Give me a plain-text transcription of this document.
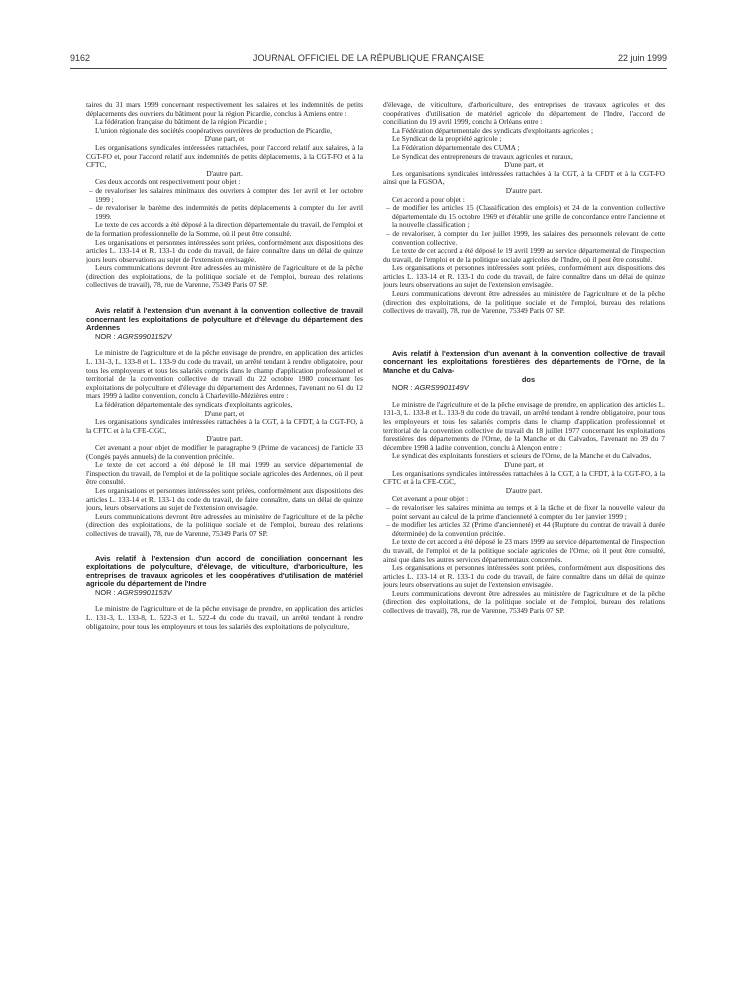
9162	JOURNAL OFFICIEL DE LA RÉPUBLIQUE FRANÇAISE	22 juin 1999

taires du 31 mars 1999 concernant respectivement les salaires et les indemnités de petits déplacements des ouvriers du bâtiment pour la région Picardie, conclus à Amiens entre :

La fédération française du bâtiment de la région Picardie ;

L'union régionale des sociétés coopératives ouvrières de production de Picardie,

D'une part, et

Les organisations syndicales intéressées rattachées, pour l'accord relatif aux salaires, à la CGT-FO et, pour l'accord relatif aux indemnités de petits déplacements, à la CGT-FO et à la CFTC,

D'autre part.

Ces deux accords ont respectivement pour objet :

– de revaloriser les salaires minimaux des ouvriers à compter des 1er avril et 1er octobre 1999 ;

– de revaloriser le barème des indemnités de petits déplacements à compter du 1er avril 1999.

Le texte de ces accords a été déposé à la direction départementale du travail, de l'emploi et de la formation professionnelle de la Somme, où il peut être consulté.

Les organisations et personnes intéressées sont priées, conformément aux dispositions des articles L. 133-14 et R. 133-1 du code du travail, de faire connaître dans un délai de quinze jours leurs observations au sujet de l'extension envisagée.

Leurs communications devront être adressées au ministère de l'agriculture et de la pêche (direction des exploitations, de la politique sociale et de l'emploi, bureau des relations collectives de travail), 78, rue de Varenne, 75349 Paris 07 SP.

Avis relatif à l'extension d'un avenant à la convention collective de travail concernant les exploitations de polyculture et d'élevage du département des Ardennes

NOR : AGRS9901152V

Le ministre de l'agriculture et de la pêche envisage de prendre, en application des articles L. 131-3, L. 133-8 et L. 133-9 du code du travail, un arrêté tendant à rendre obligatoire, pour tous les employeurs et tous les salariés compris dans le champ d'application professionnel et territorial de la convention collective de travail du 22 octobre 1980 concernant les exploitations de polyculture et d'élevage du département des Ardennes, l'avenant no 61 du 12 mars 1999 à ladite convention, conclu à Charleville-Mézières entre :

La fédération départementale des syndicats d'exploitants agricoles,

D'une part, et

Les organisations syndicales intéressées rattachées à la CGT, à la CFDT, à la CGT-FO, à la CFTC et à la CFE-CGC,

D'autre part.

Cet avenant a pour objet de modifier le paragraphe 9 (Prime de vacances) de l'article 33 (Congés payés annuels) de la convention précitée.

Le texte de cet accord a été déposé le 18 mai 1999 au service départemental de l'inspection du travail, de l'emploi et de la politique sociale agricoles des Ardennes, où il peut être consulté.

Les organisations et personnes intéressées sont priées, conformément aux dispositions des articles L. 133-14 et R. 133-1 du code du travail, de faire connaître, dans un délai de quinze jours, leurs observations au sujet de l'extension envisagée.

Leurs communications devront être adressées au ministère de l'agriculture et de la pêche (direction des exploitations, de la politique sociale et de l'emploi, bureau des relations collectives de travail), 78, rue de Varenne, 75349 Paris 07 SP.

Avis relatif à l'extension d'un accord de conciliation concernant les exploitations de polyculture, d'élevage, de viticulture, d'arboriculture, les entreprises de travaux agricoles et les coopératives d'utilisation de matériel agricole du département de l'Indre

NOR : AGRS9901153V

Le ministre de l'agriculture et de la pêche envisage de prendre, en application des articles L. 131-3, L. 133-8, L. 522-3 et L. 522-4 du code du travail, un arrêté tendant à rendre obligatoire, pour tous les employeurs et tous les salariés des exploitations de polyculture,

d'élevage, de viticulture, d'arboriculture, des entreprises de travaux agricoles et des coopératives d'utilisation de matériel agricole du département de l'Indre, l'accord de conciliation du 19 avril 1999, conclu à Orléans entre :

La Fédération départementale des syndicats d'exploitants agricoles ;

Le Syndicat de la propriété agricole ;

La Fédération départementale des CUMA ;

Le Syndicat des entrepreneurs de travaux agricoles et ruraux,

D'une part, et

Les organisations syndicales intéressées rattachées à la CGT, à la CFDT et à la CGT-FO ainsi que la FGSOA,

D'autre part.

Cet accord a pour objet :

– de modifier les articles 15 (Classification des emplois) et 24 de la convention collective départementale du 15 octobre 1969 et d'établir une grille de concordance entre l'ancienne et la nouvelle classification ;

– de revaloriser, à compter du 1er juillet 1999, les salaires des personnels relevant de cette convention collective.

Le texte de cet accord a été déposé le 19 avril 1999 au service départemental de l'inspection du travail, de l'emploi et de la politique sociale agricoles de l'Indre, où il peut être consulté.

Les organisations et personnes intéressées sont priées, conformément aux dispositions des articles L. 133-14 et R. 133-1 du code du travail, de faire connaître dans un délai de quinze jours leurs observations au sujet de l'extension envisagée.

Leurs communications devront être adressées au ministère de l'agriculture et de la pêche (direction des exploitations, de la politique sociale et de l'emploi, bureau des relations collectives de travail), 78, rue de Varenne, 75349 Paris 07 SP.

Avis relatif à l'extension d'un avenant à la convention collective de travail concernant les exploitations forestières des départements de l'Orne, de la Manche et du Calva-

dos

NOR : AGRS9901149V

Le ministre de l'agriculture et de la pêche envisage de prendre, en application des articles L. 131-3, L. 133-8 et L. 133-9 du code du travail, un arrêté tendant à rendre obligatoire, pour tous les employeurs et tous les salariés compris dans le champ d'application professionnel et territorial de la convention collective de travail du 18 juillet 1977 concernant les exploitations forestières des départements de l'Orne, de la Manche et du Calvados, l'avenant no 39 du 7 décembre 1998 à ladite convention, conclu à Alençon entre :

Le syndicat des exploitants forestiers et scieurs de l'Orne, de la Manche et du Calvados,

D'une part, et

Les organisations syndicales intéressées rattachées à la CGT, à la CFDT, à la CGT-FO, à la CFTC et à la CFE-CGC,

D'autre part.

Cet avenant a pour objet :

– de revaloriser les salaires minima au temps et à la tâche et de fixer la nouvelle valeur du point servant au calcul de la prime d'ancienneté à compter du 1er janvier 1999 ;

– de modifier les articles 32 (Prime d'ancienneté) et 44 (Rupture du contrat de travail à durée déterminée) de la convention précitée.

Le texte de cet accord a été déposé le 23 mars 1999 au service départemental de l'inspection du travail, de l'emploi et de la politique sociale agricoles de l'Orne, où il peut être consulté, ainsi que dans les autres services départementaux concernés.

Les organisations et personnes intéressées sont priées, conformément aux dispositions des articles L. 133-14 et R. 133-1 du code du travail, de faire connaître dans un délai de quinze jours leurs observations au sujet de l'extension envisagée.

Leurs communications devront être adressées au ministère de l'agriculture et de la pêche (direction des exploitations, de la politique sociale et de l'emploi, bureau des relations collectives de travail), 78, rue de Varenne, 75349 Paris 07 SP.
